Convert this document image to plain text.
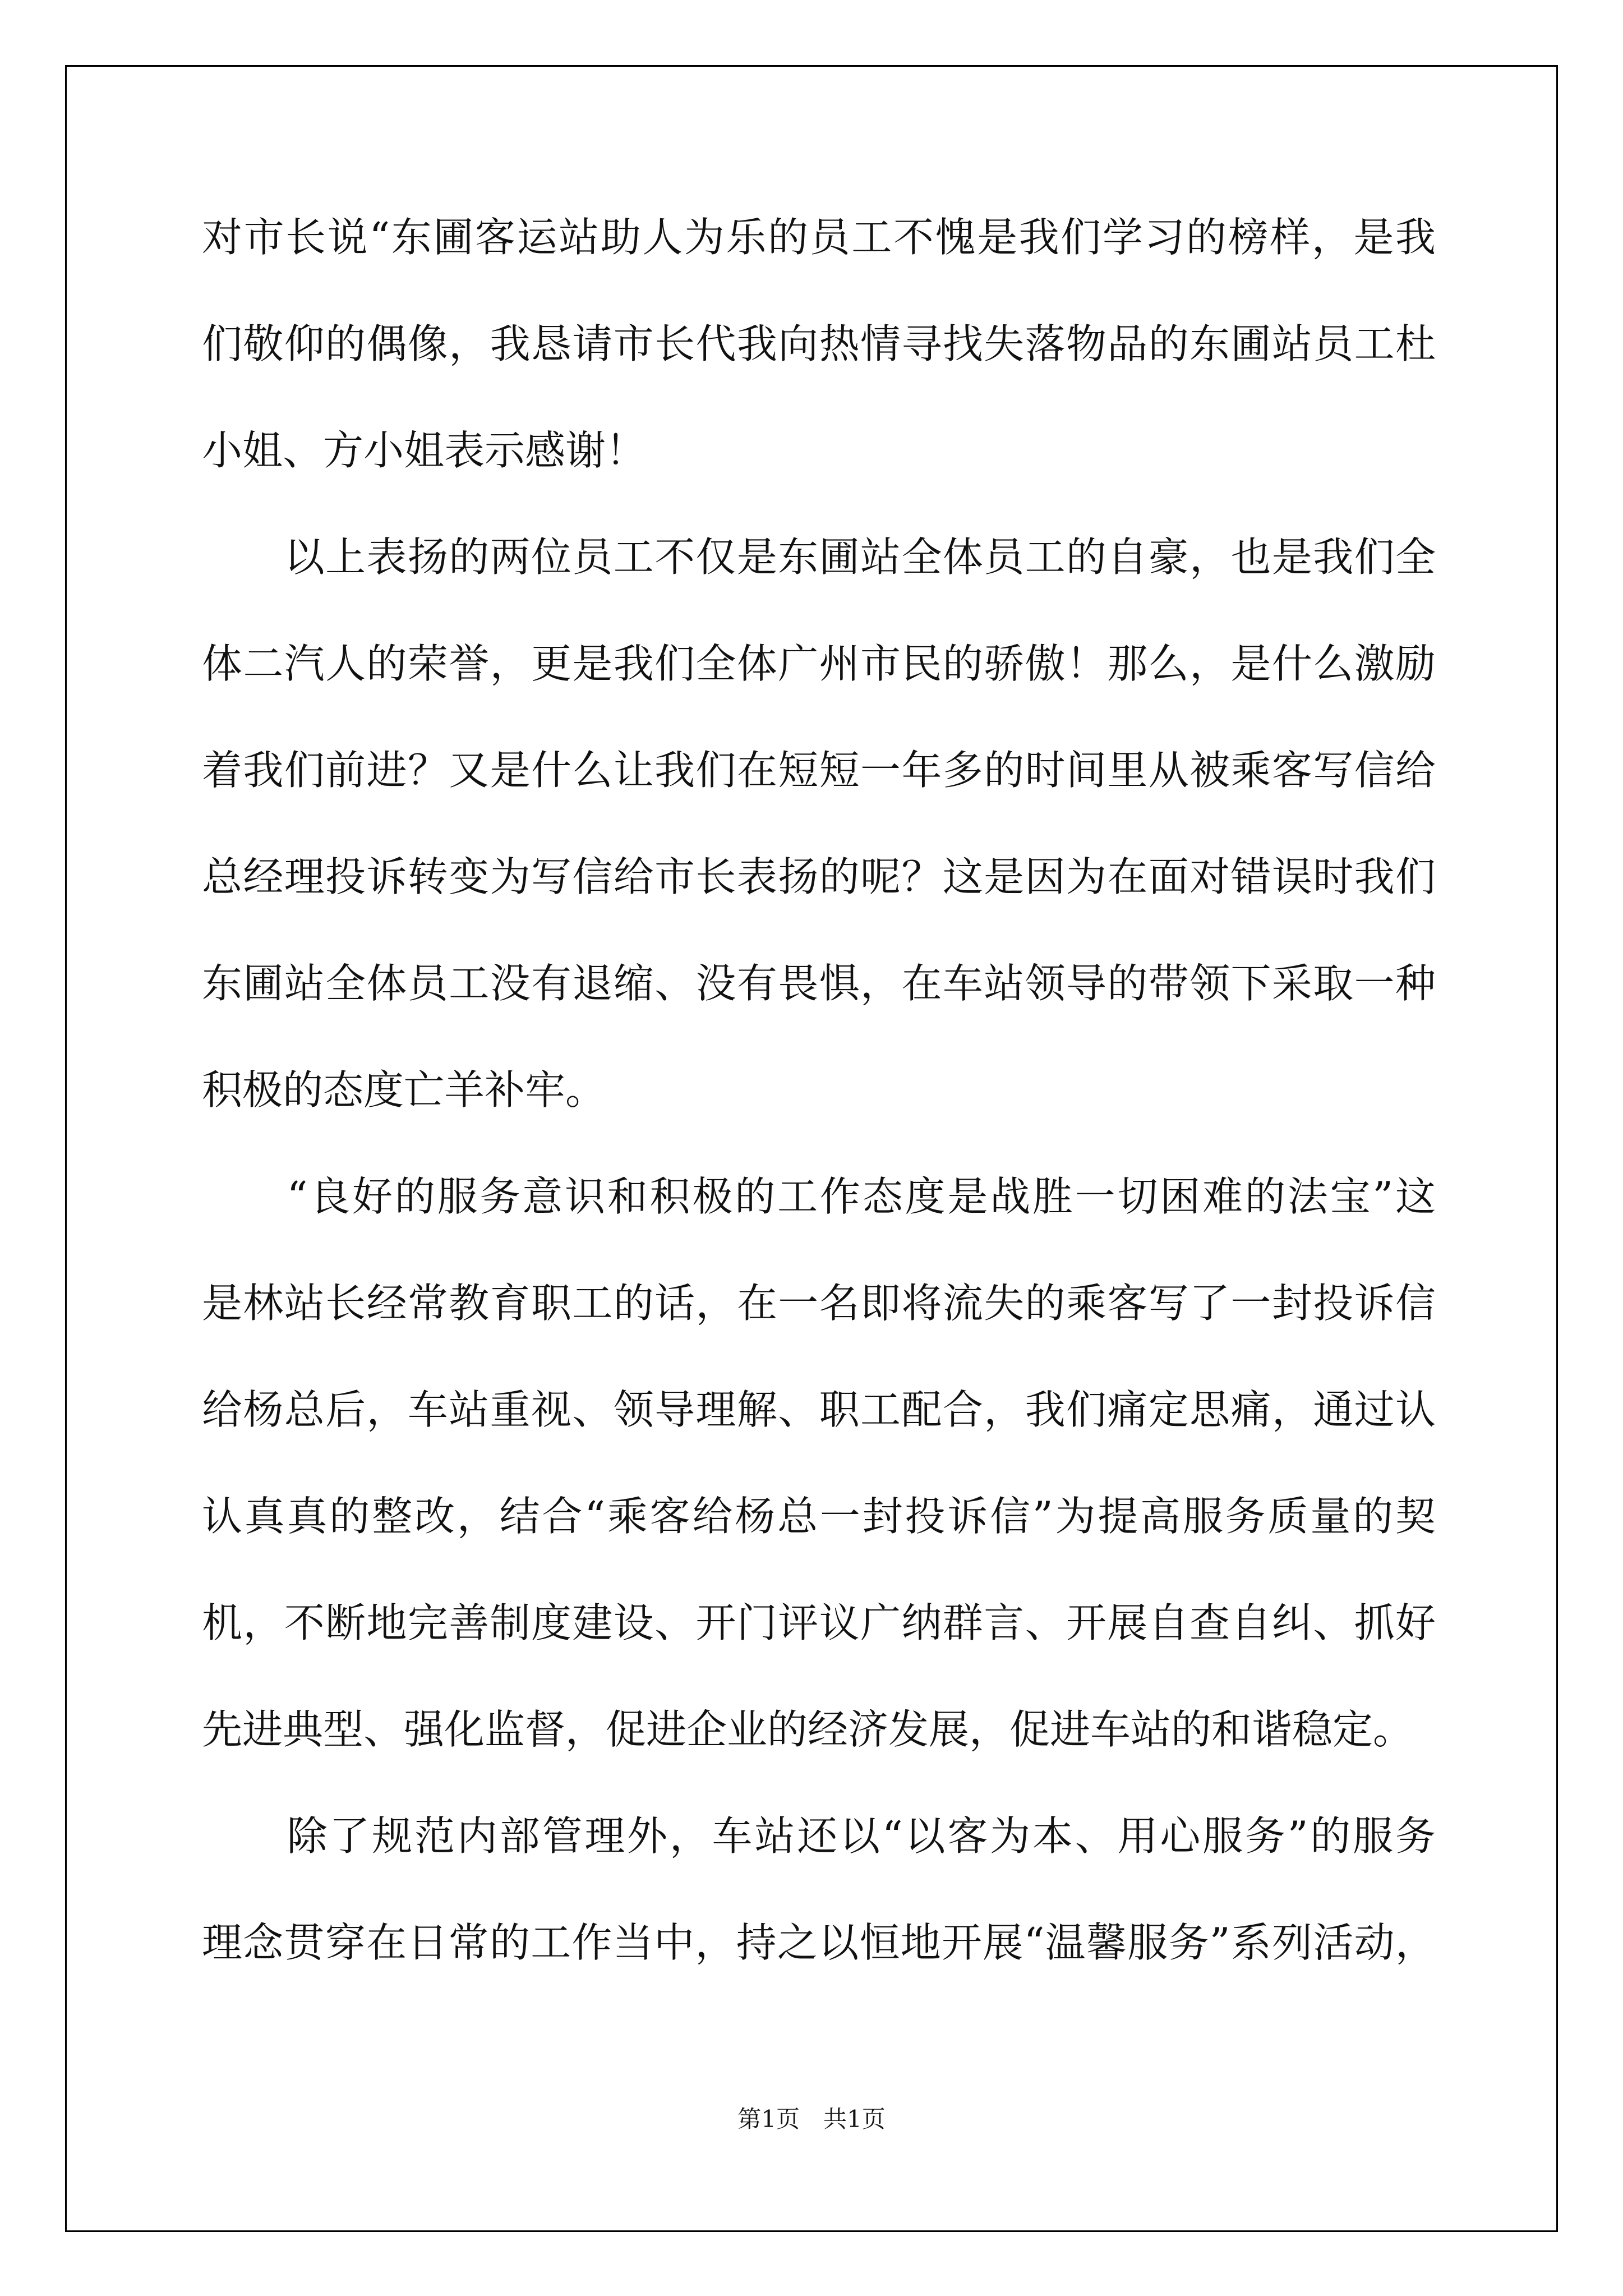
对市长说“东圃客运站助人为乐的员工不愧是我们学习的榜样，是我
们敬仰的偶像，我恳请市长代我向热情寻找失落物品的东圃站员工杜
小姐、方小姐表示感谢！
　　以上表扬的两位员工不仅是东圃站全体员工的自豪，也是我们全
体二汽人的荣誉，更是我们全体广州市民的骄傲！那么，是什么激励
着我们前进？又是什么让我们在短短一年多的时间里从被乘客写信给
总经理投诉转变为写信给市长表扬的呢？这是因为在面对错误时我们
东圃站全体员工没有退缩、没有畏惧，在车站领导的带领下采取一种
积极的态度亡羊补牢。
　　“良好的服务意识和积极的工作态度是战胜一切困难的法宝”这
是林站长经常教育职工的话，在一名即将流失的乘客写了一封投诉信
给杨总后，车站重视、领导理解、职工配合，我们痛定思痛，通过认
认真真的整改，结合“乘客给杨总一封投诉信”为提高服务质量的契
机，不断地完善制度建设、开门评议广纳群言、开展自查自纠、抓好
先进典型、强化监督，促进企业的经济发展，促进车站的和谐稳定。
　　除了规范内部管理外，车站还以“以客为本、用心服务”的服务
理念贯穿在日常的工作当中，持之以恒地开展“温馨服务”系列活动，
第1页　共1页
